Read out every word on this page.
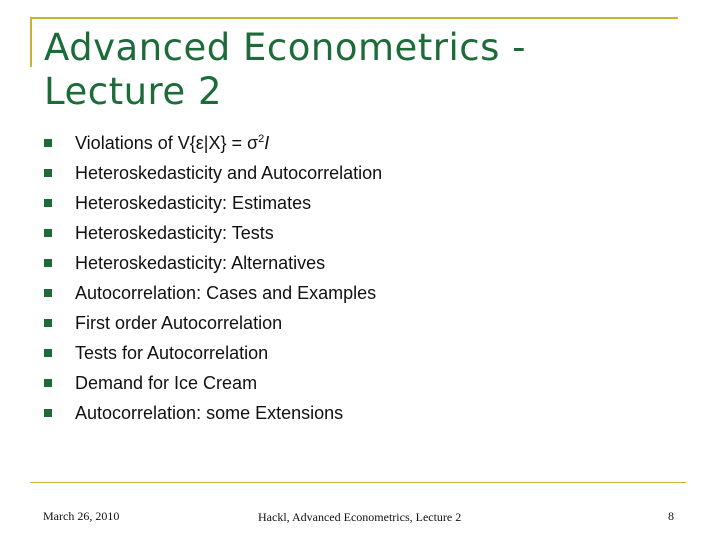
Advanced Econometrics -
Lecture 2
Violations of $V\{\varepsilon|X\} = \sigma^2I$
Heteroskedasticity and Autocorrelation
Heteroskedasticity: Estimates
Heteroskedasticity: Tests
Heteroskedasticity: Alternatives
Autocorrelation: Cases and Examples
First order Autocorrelation
Tests for Autocorrelation
Demand for Ice Cream
Autocorrelation: some Extensions
March 26, 2010	Hackl, Advanced Econometrics, Lecture 2	8
